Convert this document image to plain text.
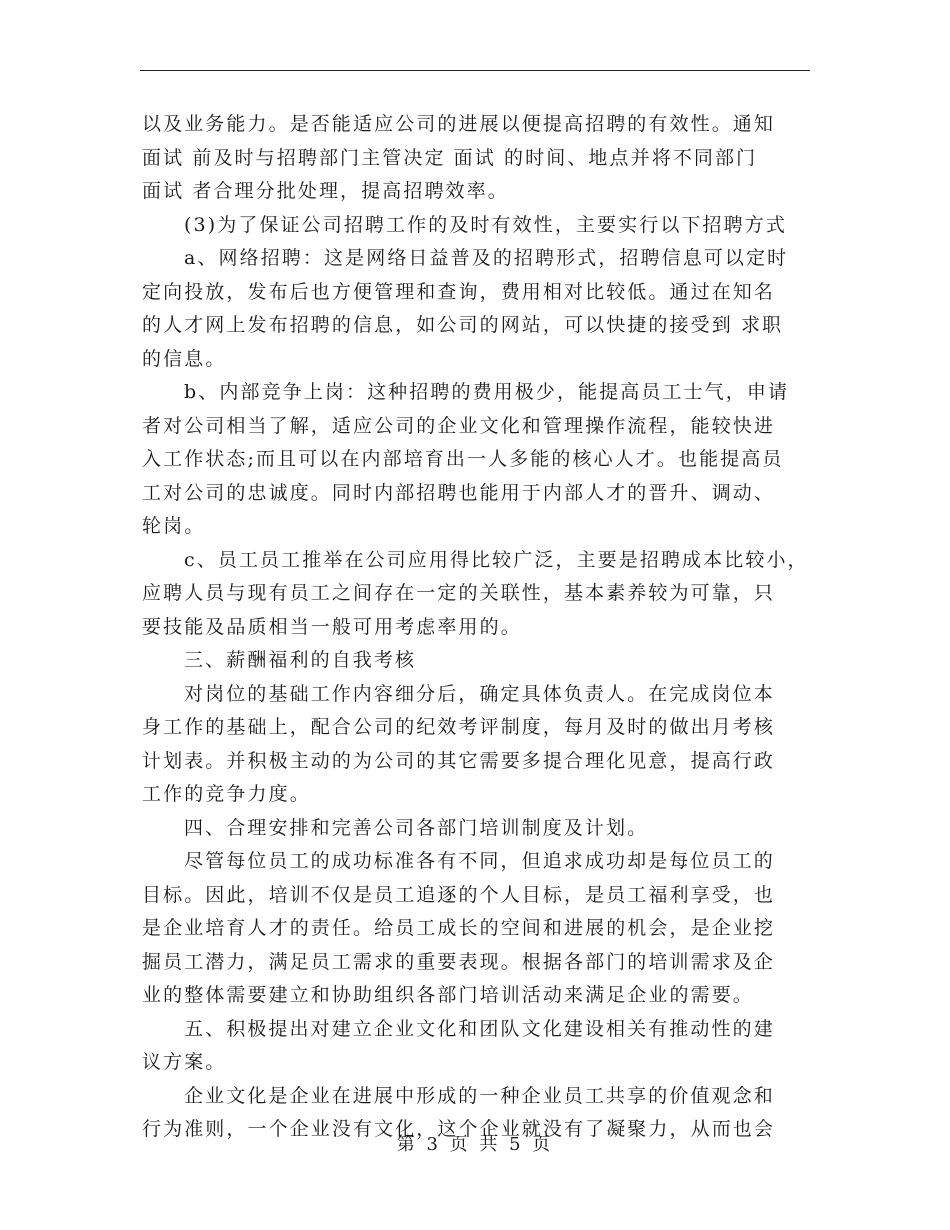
以及业务能力。是否能适应公司的进展以便提高招聘的有效性。通知
面试 前及时与招聘部门主管决定 面试 的时间、地点并将不同部门
面试 者合理分批处理，提高招聘效率。
(3)为了保证公司招聘工作的及时有效性，主要实行以下招聘方式
a、网络招聘：这是网络日益普及的招聘形式，招聘信息可以定时
定向投放，发布后也方便管理和查询，费用相对比较低。通过在知名
的人才网上发布招聘的信息，如公司的网站，可以快捷的接受到 求职
的信息。
b、内部竞争上岗：这种招聘的费用极少，能提高员工士气，申请
者对公司相当了解，适应公司的企业文化和管理操作流程，能较快进
入工作状态;而且可以在内部培育出一人多能的核心人才。也能提高员
工对公司的忠诚度。同时内部招聘也能用于内部人才的晋升、调动、
轮岗。
c、员工员工推举在公司应用得比较广泛，主要是招聘成本比较小，
应聘人员与现有员工之间存在一定的关联性，基本素养较为可靠，只
要技能及品质相当一般可用考虑率用的。
三、薪酬福利的自我考核
对岗位的基础工作内容细分后，确定具体负责人。在完成岗位本
身工作的基础上，配合公司的纪效考评制度，每月及时的做出月考核
计划表。并积极主动的为公司的其它需要多提合理化见意，提高行政
工作的竞争力度。
四、合理安排和完善公司各部门培训制度及计划。
尽管每位员工的成功标准各有不同，但追求成功却是每位员工的
目标。因此，培训不仅是员工追逐的个人目标，是员工福利享受，也
是企业培育人才的责任。给员工成长的空间和进展的机会，是企业挖
掘员工潜力，满足员工需求的重要表现。根据各部门的培训需求及企
业的整体需要建立和协助组织各部门培训活动来满足企业的需要。
五、积极提出对建立企业文化和团队文化建设相关有推动性的建
议方案。
企业文化是企业在进展中形成的一种企业员工共享的价值观念和
行为准则，一个企业没有文化，这个企业就没有了凝聚力，从而也会
第 3 页 共 5 页
